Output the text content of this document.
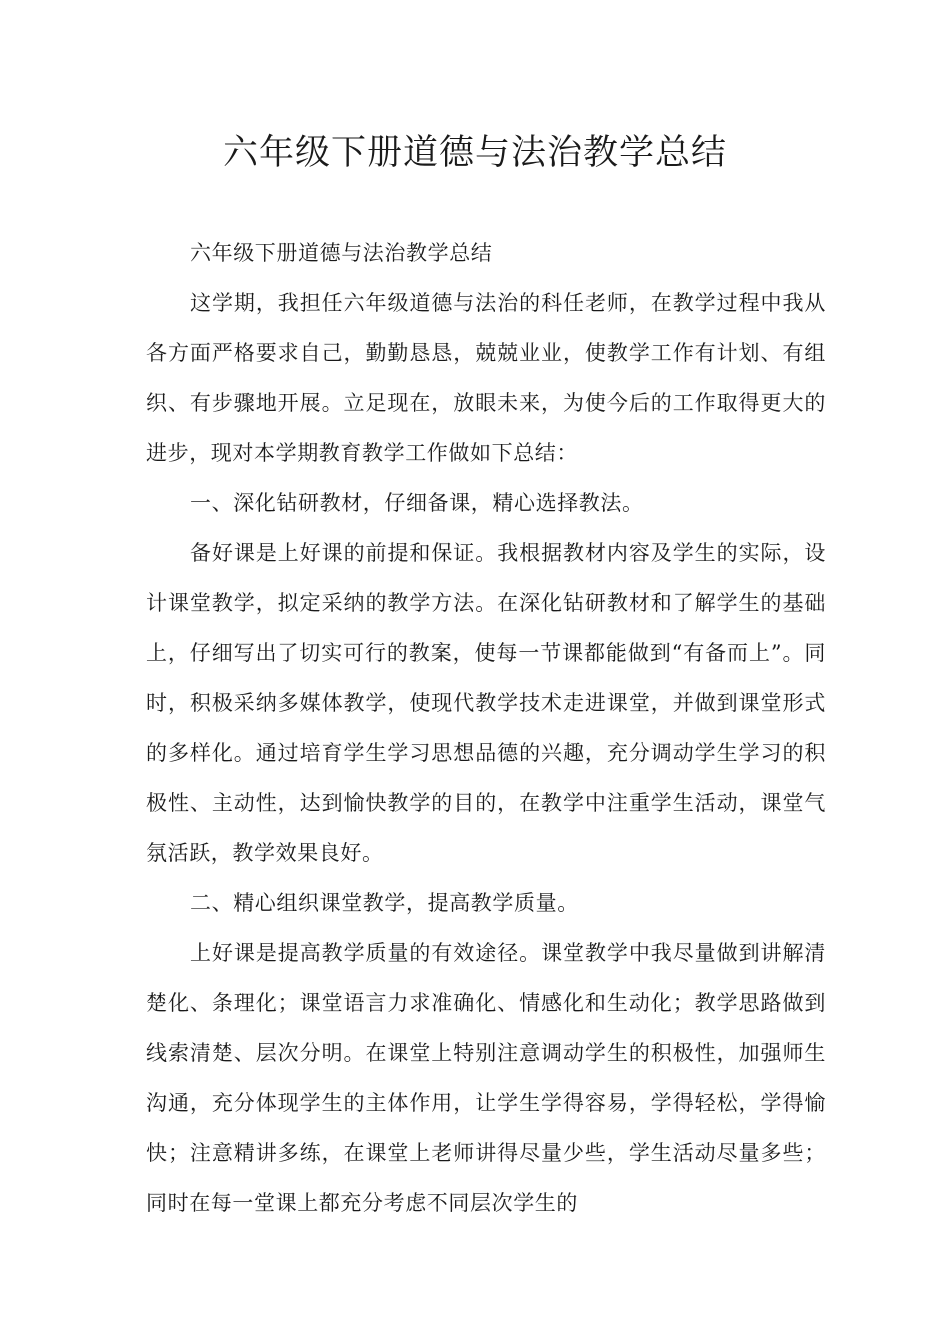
六年级下册道德与法治教学总结

六年级下册道德与法治教学总结

这学期，我担任六年级道德与法治的科任老师，在教学过程中我从各方面严格要求自己，勤勤恳恳，兢兢业业，使教学工作有计划、有组织、有步骤地开展。立足现在，放眼未来，为使今后的工作取得更大的进步，现对本学期教育教学工作做如下总结：

一、深化钻研教材，仔细备课，精心选择教法。

备好课是上好课的前提和保证。我根据教材内容及学生的实际，设计课堂教学，拟定采纳的教学方法。在深化钻研教材和了解学生的基础上，仔细写出了切实可行的教案，使每一节课都能做到“有备而上”。同时，积极采纳多媒体教学，使现代教学技术走进课堂，并做到课堂形式的多样化。通过培育学生学习思想品德的兴趣，充分调动学生学习的积极性、主动性，达到愉快教学的目的，在教学中注重学生活动，课堂气氛活跃，教学效果良好。

二、精心组织课堂教学，提高教学质量。

上好课是提高教学质量的有效途径。课堂教学中我尽量做到讲解清楚化、条理化；课堂语言力求准确化、情感化和生动化；教学思路做到线索清楚、层次分明。在课堂上特别注意调动学生的积极性，加强师生沟通，充分体现学生的主体作用，让学生学得容易，学得轻松，学得愉快；注意精讲多练，在课堂上老师讲得尽量少些，学生活动尽量多些；同时在每一堂课上都充分考虑不同层次学生的
